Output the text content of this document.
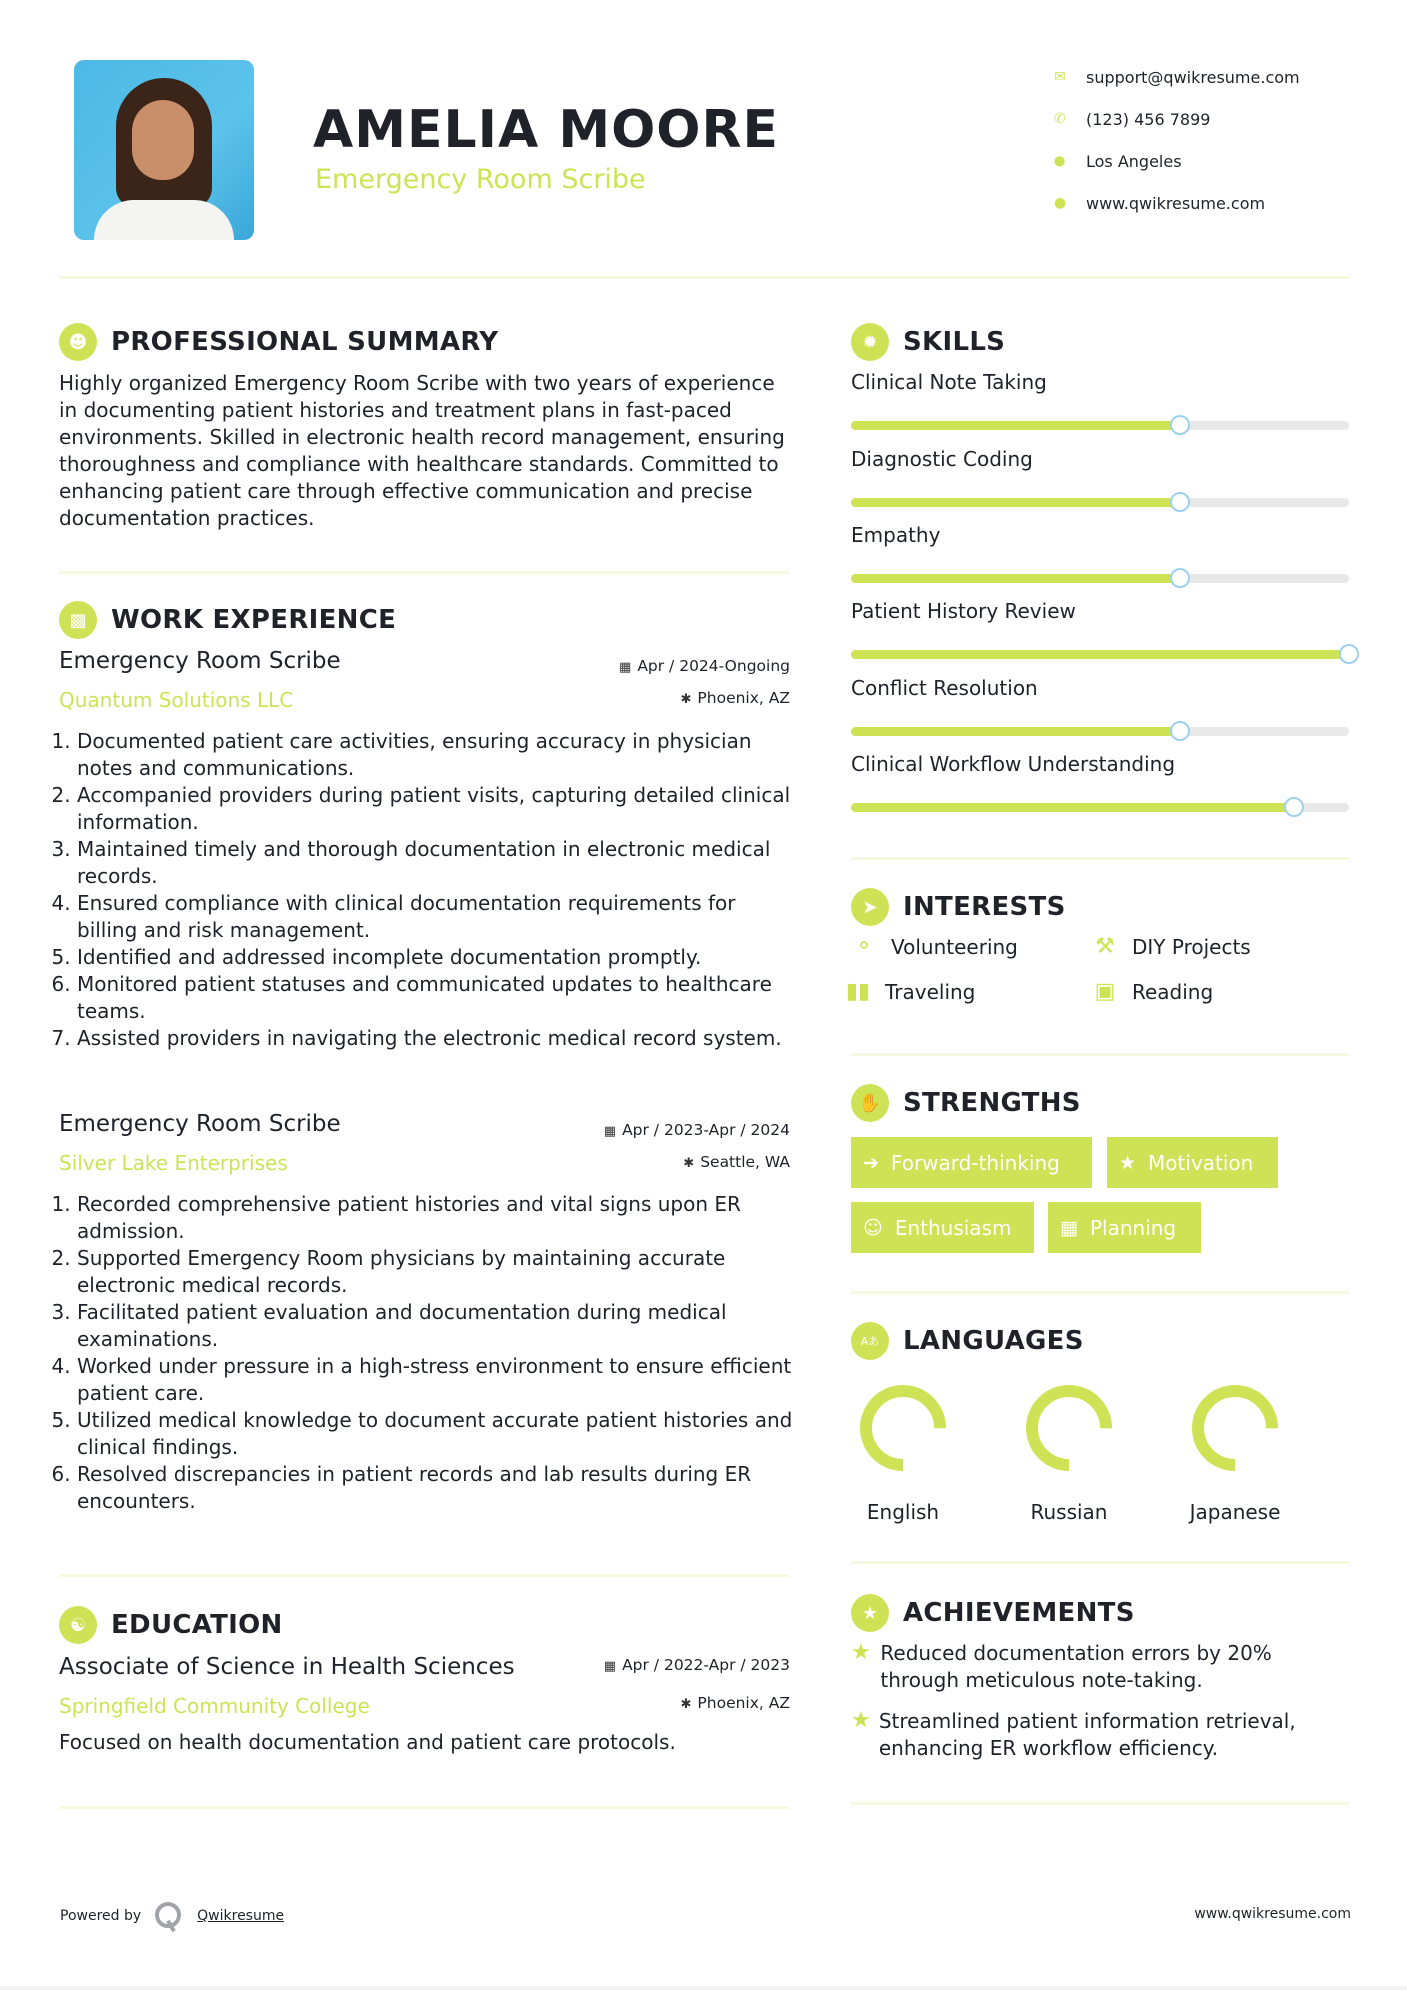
AMELIA MOORE
Emergency Room Scribe
✉	support@qwikresume.com
✆	(123) 456 7899
⬤	Los Angeles
●	www.qwikresume.com
☻ PROFESSIONAL SUMMARY
Highly organized Emergency Room Scribe with two years of experience in documenting patient histories and treatment plans in fast-paced environments. Skilled in electronic health record management, ensuring thoroughness and compliance with healthcare standards. Committed to enhancing patient care through effective communication and precise documentation practices.
▩ WORK EXPERIENCE
Emergency Room Scribe
Quantum Solutions LLC
▦ Apr / 2024-Ongoing
✱ Phoenix, AZ
1. Documented patient care activities, ensuring accuracy in physician notes and communications.
2. Accompanied providers during patient visits, capturing detailed clinical information.
3. Maintained timely and thorough documentation in electronic medical records.
4. Ensured compliance with clinical documentation requirements for billing and risk management.
5. Identified and addressed incomplete documentation promptly.
6. Monitored patient statuses and communicated updates to healthcare teams.
7. Assisted providers in navigating the electronic medical record system.
Emergency Room Scribe
Silver Lake Enterprises
▦ Apr / 2023-Apr / 2024
✱ Seattle, WA
1. Recorded comprehensive patient histories and vital signs upon ER admission.
2. Supported Emergency Room physicians by maintaining accurate electronic medical records.
3. Facilitated patient evaluation and documentation during medical examinations.
4. Worked under pressure in a high-stress environment to ensure efficient patient care.
5. Utilized medical knowledge to document accurate patient histories and clinical findings.
6. Resolved discrepancies in patient records and lab results during ER encounters.
☯ EDUCATION
Associate of Science in Health Sciences
Springfield Community College
▦ Apr / 2022-Apr / 2023
✱ Phoenix, AZ
Focused on health documentation and patient care protocols.
✹ SKILLS
Clinical Note Taking
Diagnostic Coding
Empathy
Patient History Review
Conflict Resolution
Clinical Workflow Understanding
➤ INTERESTS
⚬ Volunteering	⚒ DIY Projects
▮▮ Traveling	▣ Reading
✋ STRENGTHS
➔ Forward-thinking	★ Motivation
☺ Enthusiasm	▦ Planning
Aあ LANGUAGES
English	Russian	Japanese
★ ACHIEVEMENTS
★ Reduced documentation errors by 20% through meticulous note-taking.
★ Streamlined patient information retrieval, enhancing ER workflow efficiency.
Powered by	Qwikresume	www.qwikresume.com
